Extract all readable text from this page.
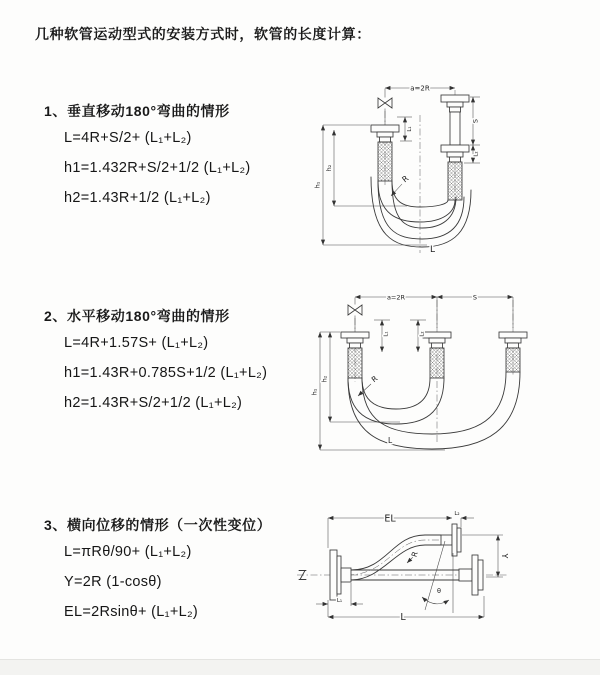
几种软管运动型式的安装方式时，软管的长度计算：
1、垂直移动180°弯曲的情形
L=4R+S/2+ (L₁+L₂)
h1=1.432R+S/2+1/2 (L₁+L₂)
h2=1.43R+1/2 (L₁+L₂)
a=2R
h₁
h₂
L₁
S
L₂
R
L
2、水平移动180°弯曲的情形
L=4R+1.57S+ (L₁+L₂)
h1=1.43R+0.785S+1/2 (L₁+L₂)
h2=1.43R+S/2+1/2 (L₁+L₂)
a=2R	S
L₁	L₂
h₁
h₂	R
L
3、横向位移的情形（一次性变位）
L=πRθ/90+ (L₁+L₂)
Y=2R (1-cosθ)
EL=2Rsinθ+ (L₁+L₂)
EL	L₂
Y
R
θ
L
L₁
